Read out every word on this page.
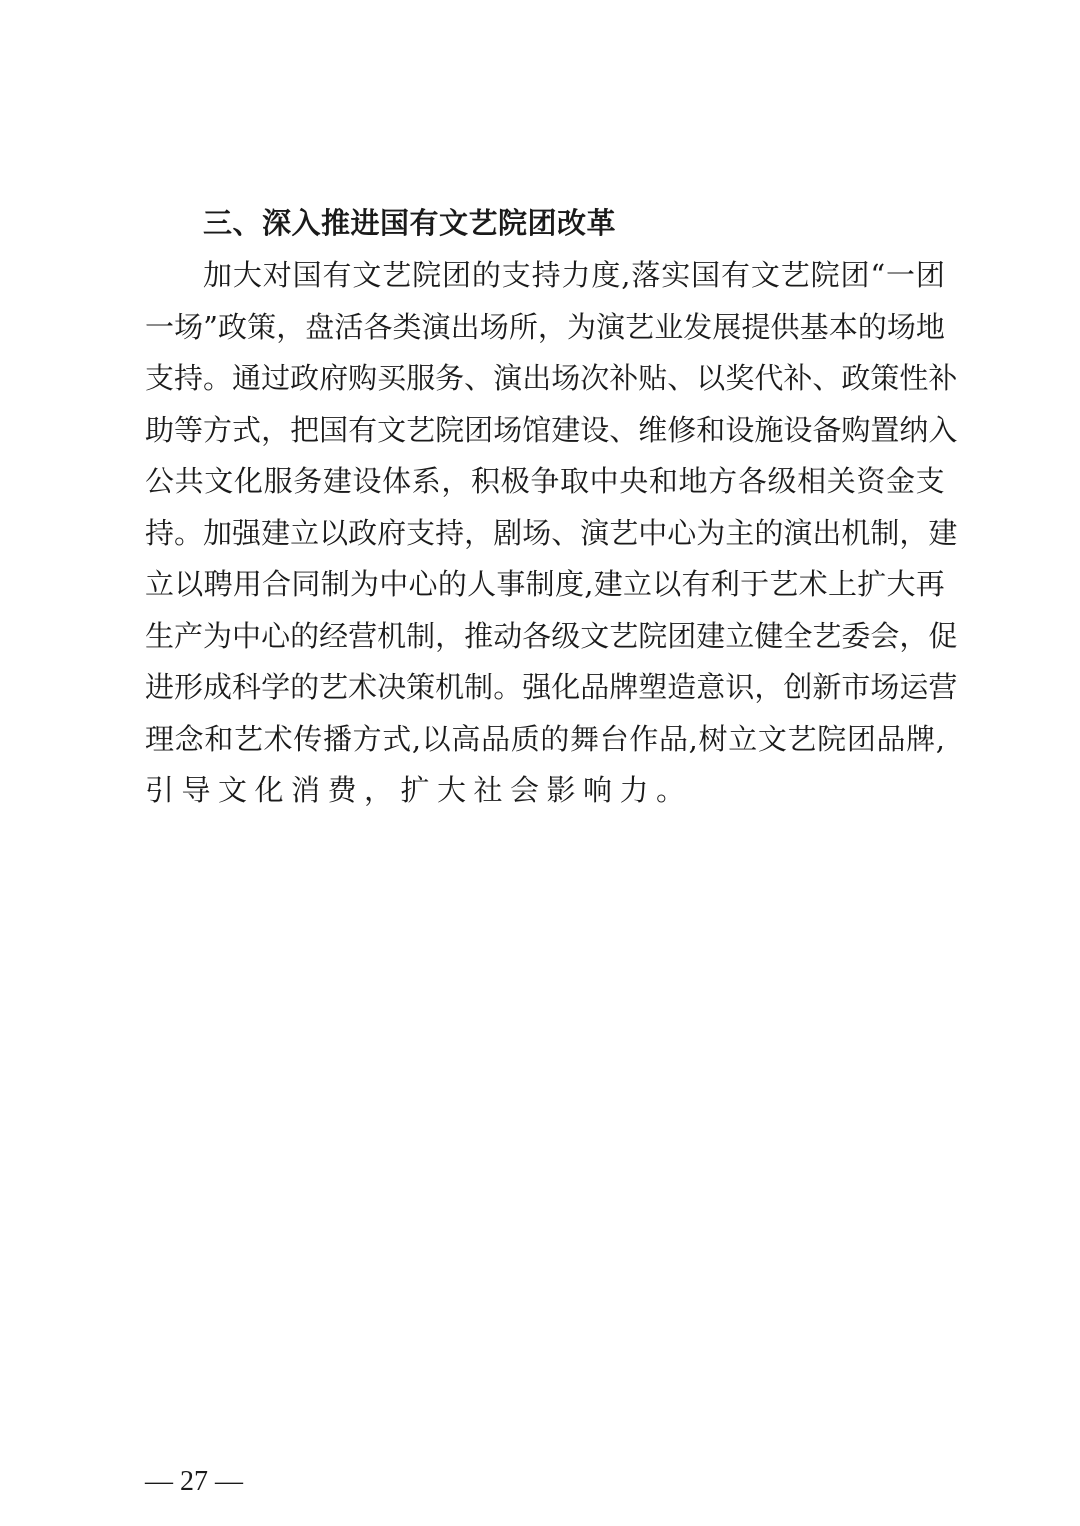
三、深入推进国有文艺院团改革
加 大 对 国 有 文 艺 院 团 的 支 持 力 度 , 落 实 国 有 文 艺 院 团 “ 一 团
一 场 ” 政 策 ， 盘 活 各 类 演 出 场 所 ， 为 演 艺 业 发 展 提 供 基 本 的 场 地
支 持 。 通 过 政 府 购 买 服 务 、 演 出 场 次 补 贴 、 以 奖 代 补 、 政 策 性 补
助 等 方 式 ， 把 国 有 文 艺 院 团 场 馆 建 设 、 维 修 和 设 施 设 备 购 置 纳 入
公 共 文 化 服 务 建 设 体 系 ， 积 极 争 取 中 央 和 地 方 各 级 相 关 资 金 支
持 。 加 强 建 立 以 政 府 支 持 ， 剧 场 、 演 艺 中 心 为 主 的 演 出 机 制 ， 建
立 以 聘 用 合 同 制 为 中 心 的 人 事 制 度 , 建 立 以 有 利 于 艺 术 上 扩 大 再
生 产 为 中 心 的 经 营 机 制 ， 推 动 各 级 文 艺 院 团 建 立 健 全 艺 委 会 ， 促
进 形 成 科 学 的 艺 术 决 策 机 制 。 强 化 品 牌 塑 造 意 识 ， 创 新 市 场 运 营
理 念 和 艺 术 传 播 方 式 , 以 高 品 质 的 舞 台 作 品 , 树 立 文 艺 院 团 品 牌 ,
引导文化消费，扩大社会影响力。
— 27 —
